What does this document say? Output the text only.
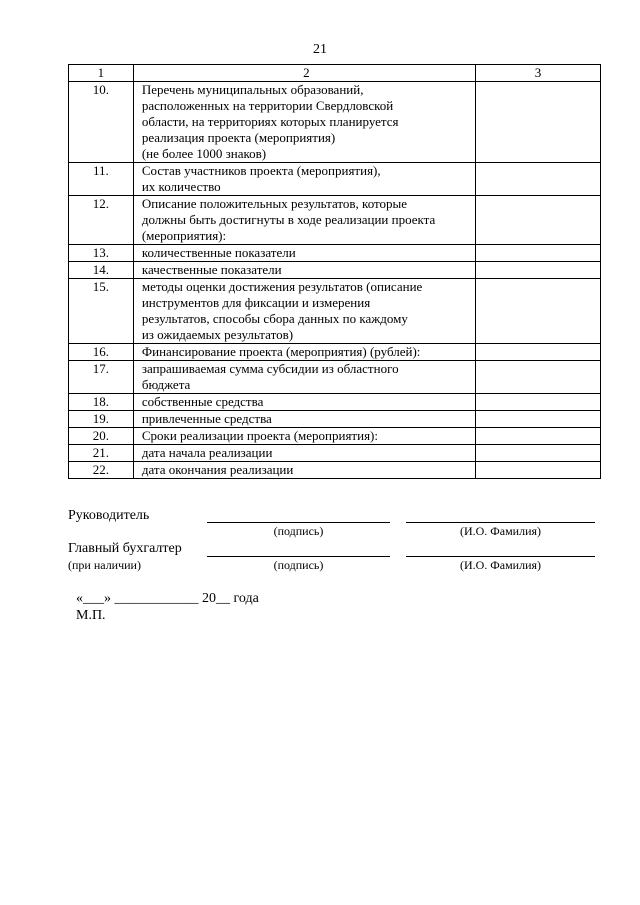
21
1	2	3
10.	Перечень муниципальных образований,
расположенных на территории Свердловской
области, на территориях которых планируется
реализация проекта (мероприятия)
(не более 1000 знаков)	

11.	Состав участников проекта (мероприятия),
их количество	

12.	Описание положительных результатов, которые
должны быть достигнуты в ходе реализации проекта
(мероприятия):	

13.	количественные показатели	

14.	качественные показатели	

15.	методы оценки достижения результатов (описание
инструментов для фиксации и измерения
результатов, способы сбора данных по каждому
из ожидаемых результатов)	

16.	Финансирование проекта (мероприятия) (рублей):	

17.	запрашиваемая сумма субсидии из областного
бюджета	

18.	собственные средства	

19.	привлеченные средства	

20.	Сроки реализации проекта (мероприятия):	

21.	дата начала реализации	

22.	дата окончания реализации	

Руководитель
(подпись)	(И.О. Фамилия)
Главный бухгалтер
(при наличии)	(подпись)	(И.О. Фамилия)
«___» ____________ 20__ года
М.П.
